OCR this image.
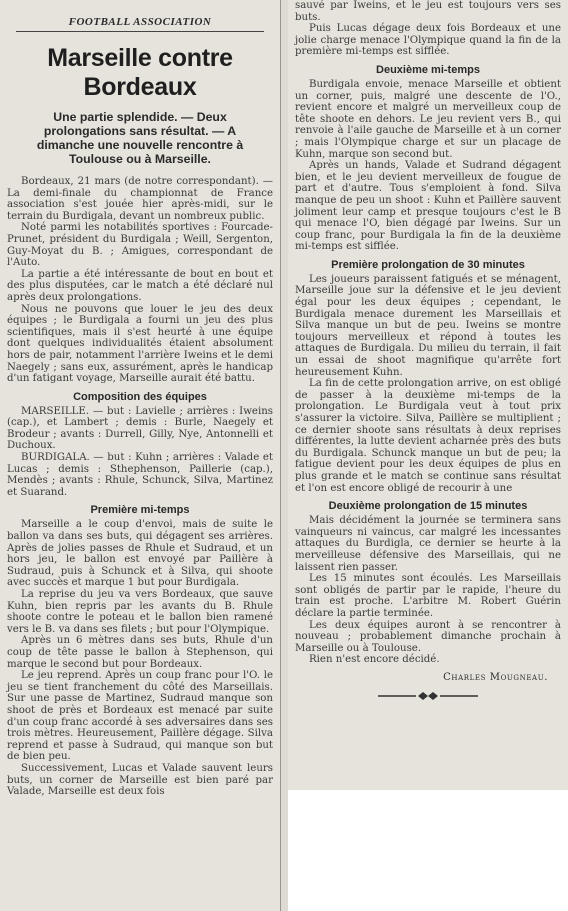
FOOTBALL ASSOCIATION
Marseille contre Bordeaux
Une partie splendide. — Deux prolongations sans résultat. — A dimanche une nouvelle rencontre à Toulouse ou à Marseille.

Bordeaux, 21 mars (de notre correspondant). — La demi-finale du championnat de France association s'est jouée hier après-midi, sur le terrain du Burdigala, devant un nombreux public.

Noté parmi les notabilités sportives : Fourcade-Prunet, président du Burdigala ; Weill, Sergenton, Guy-Moyat du B. ; Amigues, correspondant de l'Auto.

La partie a été intéressante de bout en bout et des plus disputées, car le match a été déclaré nul après deux prolongations.

Nous ne pouvons que louer le jeu des deux équipes ; le Burdigala a fourni un jeu des plus scientifiques, mais il s'est heurté à une équipe dont quelques individualités étaient absolument hors de pair, notamment l'arrière Iweins et le demi Naegely ; sans eux, assurément, après le handicap d'un fatigant voyage, Marseille aurait été battu.

Composition des équipes

MARSEILLE. — but : Lavielle ; arrières : Iweins (cap.), et Lambert ; demis : Burle, Naegely et Brodeur ; avants : Durrell, Gilly, Nye, Antonnelli et Duchoux.

BURDIGALA. — but : Kuhn ; arrières : Valade et Lucas ; demis : Sthephenson, Paillerie (cap.), Mendès ; avants : Rhule, Schunck, Silva, Martinez et Suarand.

Première mi-temps

Marseille a le coup d'envoi, mais de suite le ballon va dans ses buts, qui dégagent ses arrières. Après de jolies passes de Rhule et Sudraud, et un hors jeu, le ballon est envoyé par Paillère à Sudraud, puis à Schunck et à Silva, qui shoote avec succès et marque 1 but pour Burdigala.

La reprise du jeu va vers Bordeaux, que sauve Kuhn, bien repris par les avants du B. Rhule shoote contre le poteau et le ballon bien ramené vers le B. va dans ses filets ; but pour l'Olympique.

Après un 6 mètres dans ses buts, Rhule d'un coup de tête passe le ballon à Stephenson, qui marque le second but pour Bordeaux.

Le jeu reprend. Après un coup franc pour l'O. le jeu se tient franchement du côté des Marseillais. Sur une passe de Martinez, Sudraud manque son shoot de près et Bordeaux est menacé par suite d'un coup franc accordé à ses adversaires dans ses trois mètres. Heureusement, Paillère dégage. Silva reprend et passe à Sudraud, qui manque son but de bien peu.

Successivement, Lucas et Valade sauvent leurs buts, un corner de Marseille est bien paré par Valade, Marseille est deux fois

sauvé par Iweins, et le jeu est toujours vers ses buts.

Puis Lucas dégage deux fois Bordeaux et une jolie charge menace l'Olympique quand la fin de la première mi-temps est sifflée.

Deuxième mi-temps

Burdigala envoie, menace Marseille et obtient un corner, puis, malgré une descente de l'O., revient encore et malgré un merveilleux coup de tête shoote en dehors. Le jeu revient vers B., qui renvoie à l'aile gauche de Marseille et à un corner ; mais l'Olympique charge et sur un placage de Kuhn, marque son second but.

Après un hands, Valade et Sudrand dégagent bien, et le jeu devient merveilleux de fougue de part et d'autre. Tous s'emploient à fond. Silva manque de peu un shoot : Kuhn et Paillère sauvent joliment leur camp et presque toujours c'est le B qui menace l'O, bien dégagé par Iweins. Sur un coup franc, pour Burdigala la fin de la deuxième mi-temps est sifflée.

Première prolongation de 30 minutes

Les joueurs paraissent fatigués et se ménagent, Marseille joue sur la défensive et le jeu devient égal pour les deux équipes ; cependant, le Burdigala menace durement les Marseillais et Silva manque un but de peu. Iweins se montre toujours merveilleux et répond à toutes les attaques de Burdigala. Du milieu du terrain, il fait un essai de shoot magnifique qu'arrête fort heureusement Kuhn.

La fin de cette prolongation arrive, on est obligé de passer à la deuxième mi-temps de la prolongation. Le Burdigala veut à tout prix s'assurer la victoire. Silva, Paillère se multiplient ; ce dernier shoote sans résultats à deux reprises différentes, la lutte devient acharnée près des buts du Burdigala. Schunck manque un but de peu; la fatigue devient pour les deux équipes de plus en plus grande et le match se continue sans résultat et l'on est encore obligé de recourir à une

Deuxième prolongation de 15 minutes

Mais décidément la journée se terminera sans vainqueurs ni vaincus, car malgré les incessantes attaques du Burdigla, ce dernier se heurte à la merveilleuse défensive des Marseillais, qui ne laissent rien passer.

Les 15 minutes sont écoulés. Les Marseillais sont obligés de partir par le rapide, l'heure du train est proche. L'arbitre M. Robert Guérin déclare la partie terminée.

Les deux équipes auront à se rencontrer à nouveau ; probablement dimanche prochain à Marseille ou à Toulouse.

Rien n'est encore décidé.

Charles Mougneau.
